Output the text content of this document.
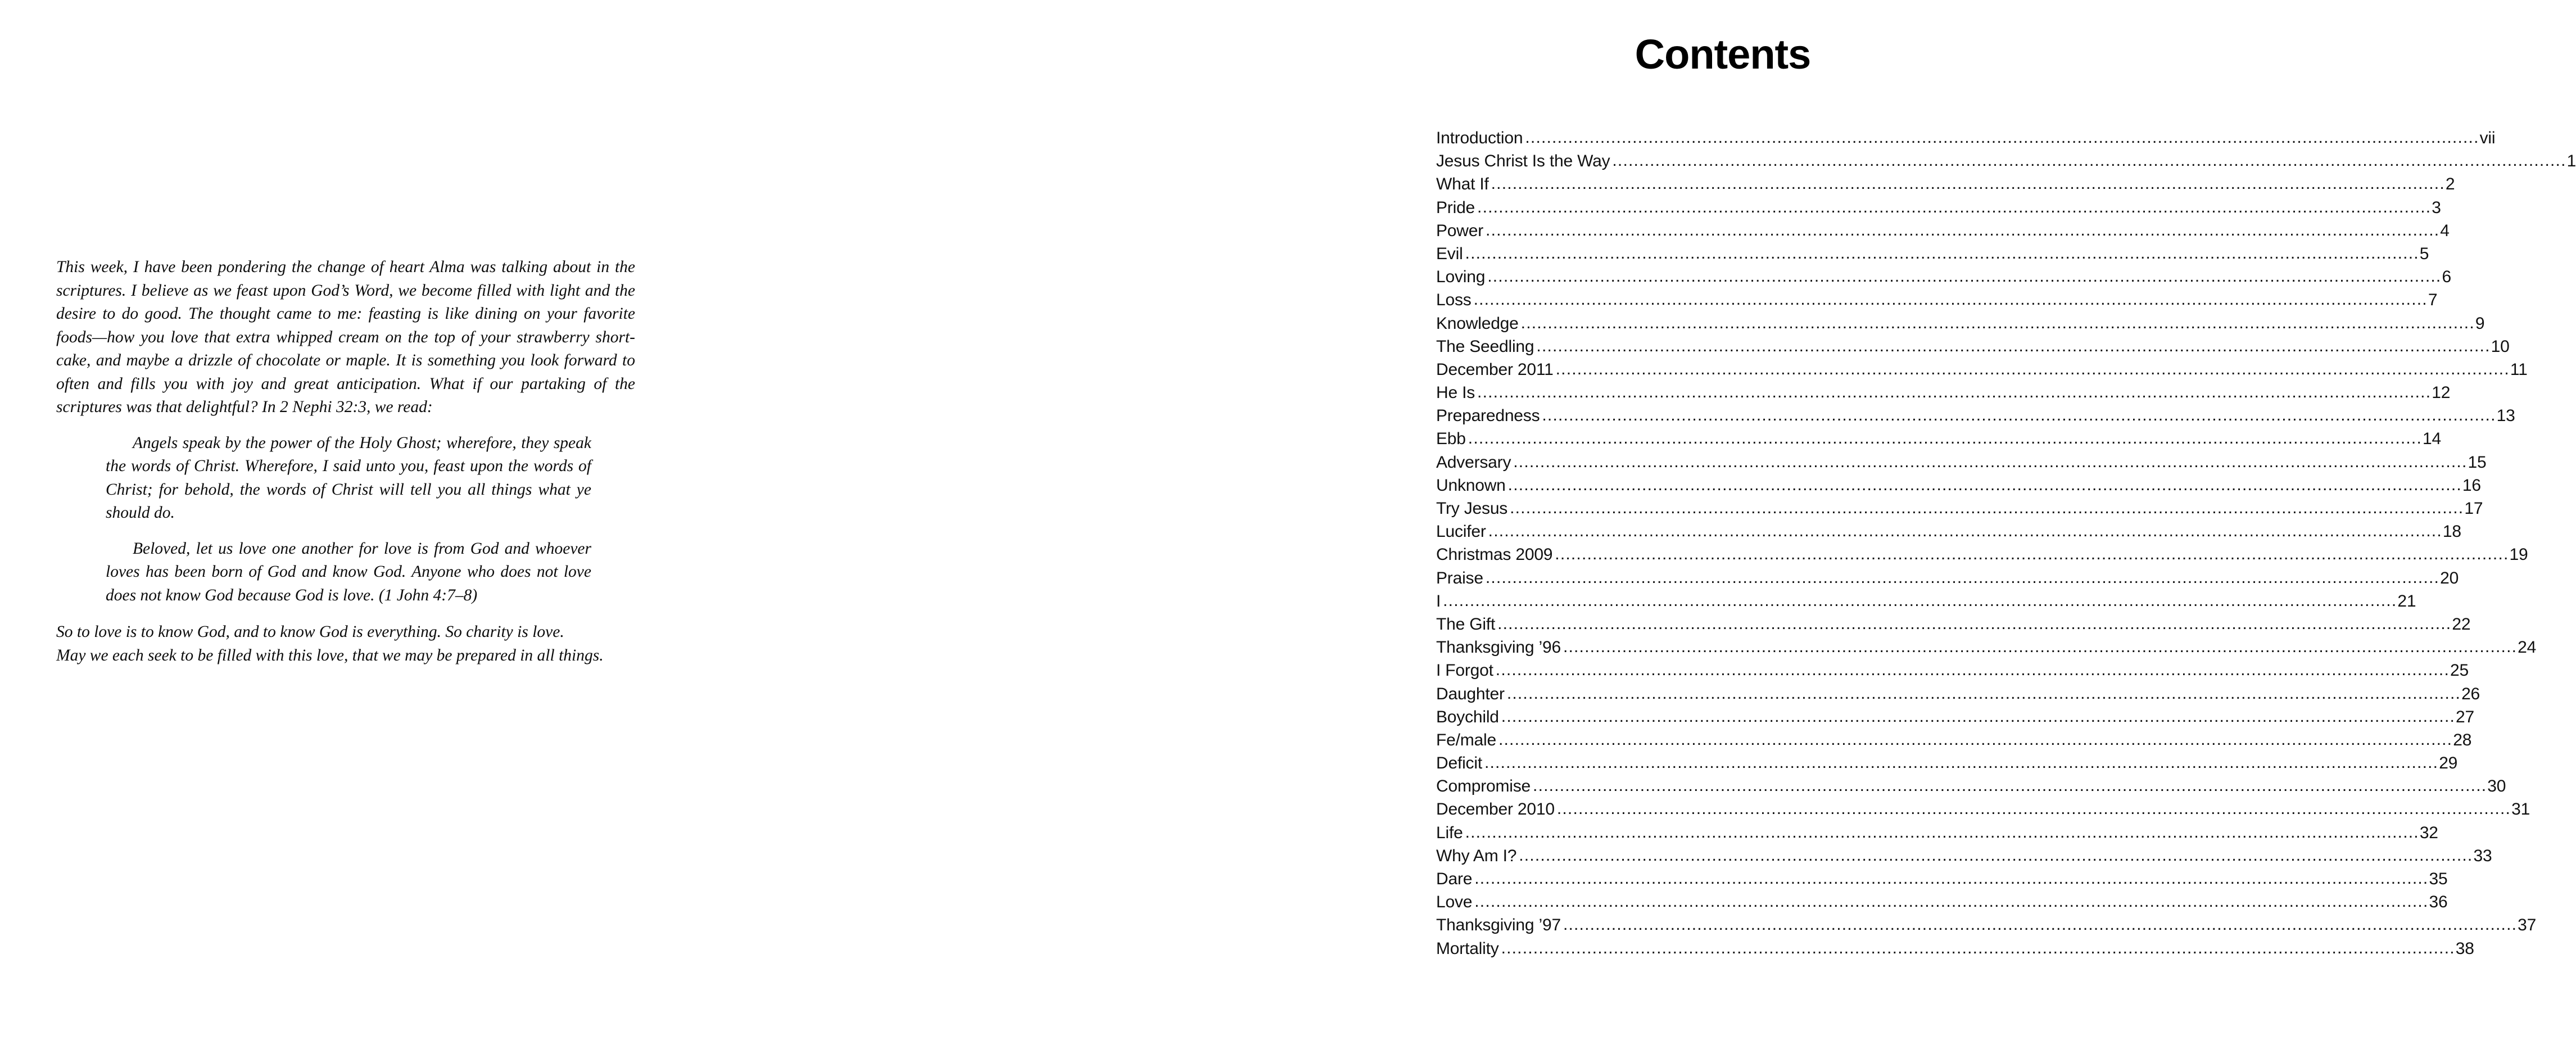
This week, I have been pondering the change of heart Alma was talking about in the scriptures. I believe as we feast upon God’s Word, we become filled with light and the desire to do good. The thought came to me: feasting is like dining on your favorite foods—how you love that extra whipped cream on the top of your strawberry short-cake, and maybe a drizzle of chocolate or maple. It is something you look forward to often and fills you with joy and great anticipation. What if our partaking of the scriptures was that delightful? In 2 Nephi 32:3, we read:

Angels speak by the power of the Holy Ghost; wherefore, they speak the words of Christ. Wherefore, I said unto you, feast upon the words of Christ; for behold, the words of Christ will tell you all things what ye should do.

Beloved, let us love one another for love is from God and whoever loves has been born of God and know God. Anyone who does not love does not know God because God is love. (1 John 4:7–8)

So to love is to know God, and to know God is everything. So charity is love.
May we each seek to be filled with this love, that we may be prepared in all things.

Contents
Introduction .................................................................................................................................................................................. vii
Jesus Christ Is the Way .................................................................................................................................................................................. 1
What If .................................................................................................................................................................................. 2
Pride .................................................................................................................................................................................. 3
Power .................................................................................................................................................................................. 4
Evil .................................................................................................................................................................................. 5
Loving .................................................................................................................................................................................. 6
Loss .................................................................................................................................................................................. 7
Knowledge .................................................................................................................................................................................. 9
The Seedling .................................................................................................................................................................................. 10
December 2011 .................................................................................................................................................................................. 11
He Is .................................................................................................................................................................................. 12
Preparedness .................................................................................................................................................................................. 13
Ebb .................................................................................................................................................................................. 14
Adversary .................................................................................................................................................................................. 15
Unknown .................................................................................................................................................................................. 16
Try Jesus .................................................................................................................................................................................. 17
Lucifer .................................................................................................................................................................................. 18
Christmas 2009 .................................................................................................................................................................................. 19
Praise .................................................................................................................................................................................. 20
I .................................................................................................................................................................................. 21
The Gift .................................................................................................................................................................................. 22
Thanksgiving ’96 .................................................................................................................................................................................. 24
I Forgot .................................................................................................................................................................................. 25
Daughter .................................................................................................................................................................................. 26
Boychild .................................................................................................................................................................................. 27
Fe/male .................................................................................................................................................................................. 28
Deficit .................................................................................................................................................................................. 29
Compromise .................................................................................................................................................................................. 30
December 2010 .................................................................................................................................................................................. 31
Life .................................................................................................................................................................................. 32
Why Am I? .................................................................................................................................................................................. 33
Dare .................................................................................................................................................................................. 35
Love .................................................................................................................................................................................. 36
Thanksgiving ’97 .................................................................................................................................................................................. 37
Mortality .................................................................................................................................................................................. 38
